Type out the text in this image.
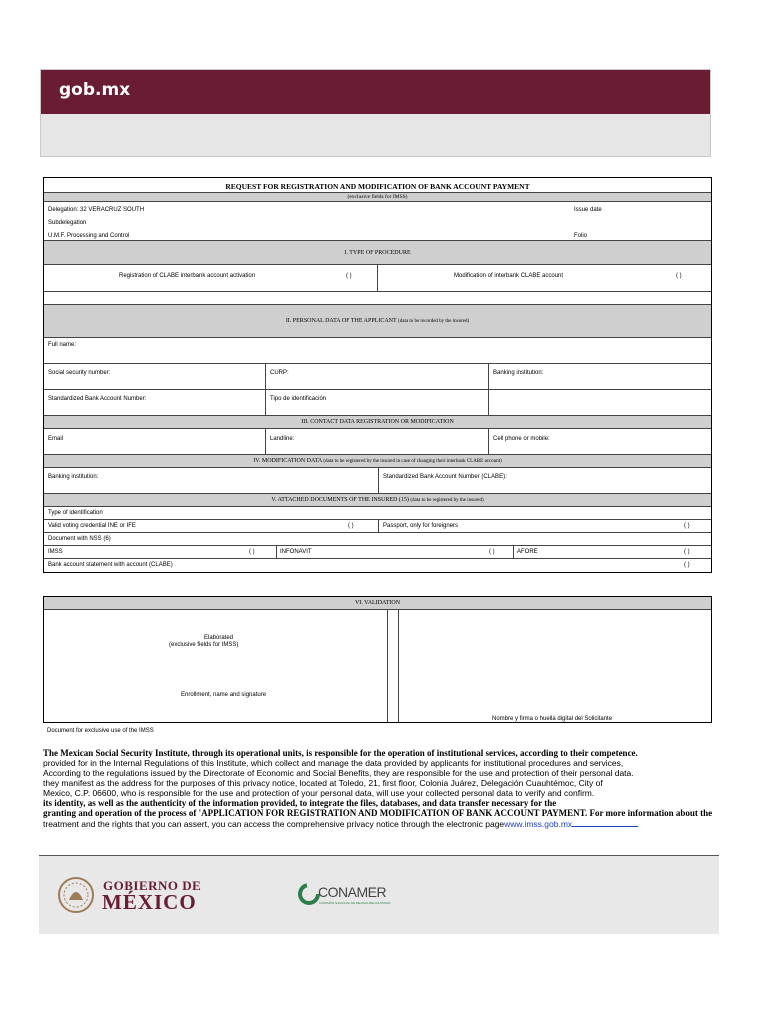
gob.mx
REQUEST FOR REGISTRATION AND MODIFICATION OF BANK ACCOUNT PAYMENT
(exclusive fields for IMSS)
Delegation: 32 VERACRUZ SOUTH	Issue date
Subdelegation
U.M.F. Processing and Control	Folio
I. TYPE OF PROCEDURE
Registration of CLABE interbank account activation	( )	Modification of interbank CLABE account	( )
II. PERSONAL DATA OF THE APPLICANT (data to be recorded by the insured)
Full name:
Social security number:	CURP:	Banking institution:
Standardized Bank Account Number:	Tipo de identificación
III. CONTACT DATA REGISTRATION OR MODIFICATION
Email	Landline:	Cell phone or mobile:
IV. MODIFICATION DATA (data to be registered by the insured in case of changing their interbank CLABE account)
Banking institution:	Standardized Bank Account Number (CLABE):
V. ATTACHED DOCUMENTS OF THE INSURED (15) (data to be registered by the insured)
Type of identification
Valid voting credential INE or IFE	( )	Passport, only for foreigners	( )
Document with NSS (6)
IMSS	( )	INFONAVIT	( )	AFORE	( )
Bank account statement with account (CLABE)	( )
VI. VALIDATION
Elaborated
(exclusive fields for IMSS)
Enrollment, name and signature
Nombre y firma o huella digital del Solicitante
Document for exclusive use of the IMSS
The Mexican Social Security Institute, through its operational units, is responsible for the operation of institutional services, according to their competence.
provided for in the Internal Regulations of this Institute, which collect and manage the data provided by applicants for institutional procedures and services,
According to the regulations issued by the Directorate of Economic and Social Benefits, they are responsible for the use and protection of their personal data.
they manifest as the address for the purposes of this privacy notice, located at Toledo, 21, first floor, Colonia Juárez, Delegación Cuauhtémoc, City of
Mexico, C.P. 06600, who is responsible for the use and protection of your personal data, will use your collected personal data to verify and confirm.
its identity, as well as the authenticity of the information provided, to integrate the files, databases, and data transfer necessary for the
granting and operation of the process of 'APPLICATION FOR REGISTRATION AND MODIFICATION OF BANK ACCOUNT PAYMENT. For more information about the
treatment and the rights that you can assert, you can access the comprehensive privacy notice through the electronic pagewww.imss.gob.mx
GOBIERNO DE
MÉXICO	CONAMER
COMISIÓN NACIONAL DE MEJORA REGULATORIA
